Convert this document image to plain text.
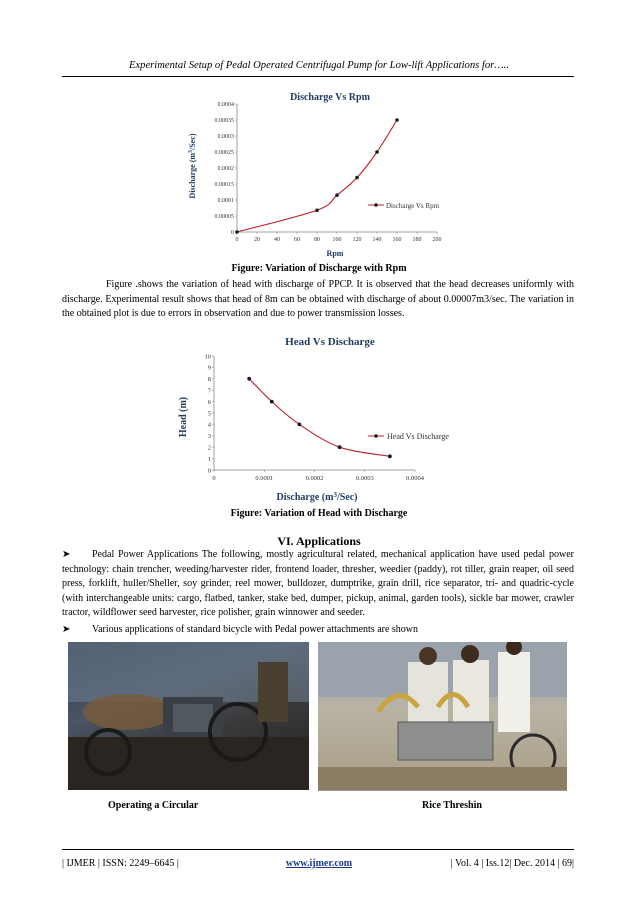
Experimental Setup of Pedal Operated Centrifugal Pump for Low-lift Applications for…..
Discharge Vs Rpm
Discharge $(m^3/Sec)$
Rpm
0	20 40 60 80 100 120 140 160 180 200
0
0.00005
0.0001
0.00015
0.0002
0.00025
0.0003
0.00035
0.0004
Discharge Vs Rpm
Figure: Variation of Discharge with Rpm
Figure .shows the variation of head with discharge of PPCP. It is observed that the head decreases uniformly with discharge. Experimental result shows that head of 8m can be obtained with discharge of about 0.00007m3/sec. The variation in the obtained plot is due to errors in observation and due to power transmission losses.
Head Vs Discharge
Head (m)
Discharge $(m^3/Sec)$
0	0.0001	0.0002	0.0003	0.0004
0
1
2
3
4
5
6
7
8
9
10
Head Vs Discharge
Figure: Variation of Head with Discharge
VI. Applications
➤ Pedal Power Applications The following, mostly agricultural related, mechanical application have used pedal power technology: chain trencher, weeding/harvester rider, frontend loader, thresher, weedier (paddy), rot tiller, grain reaper, oil seed press, forklift, huller/Sheller, soy grinder, reel mower, bulldozer, dumptrike, grain drill, rice separator, tri- and quadric-cycle (with interchangeable units: cargo, flatbed, tanker, stake bed, dumper, pickup, animal, garden tools), sickle bar mower, crawler tractor, wildflower seed harvester, rice polisher, grain winnower and seeder.
➤ Various applications of standard bicycle with Pedal power attachments are shown
Operating a Circular	Rice Threshin
| IJMER | ISSN: 2249–6645 |	www.ijmer.com	| Vol. 4 | Iss.12| Dec. 2014 | 69|
